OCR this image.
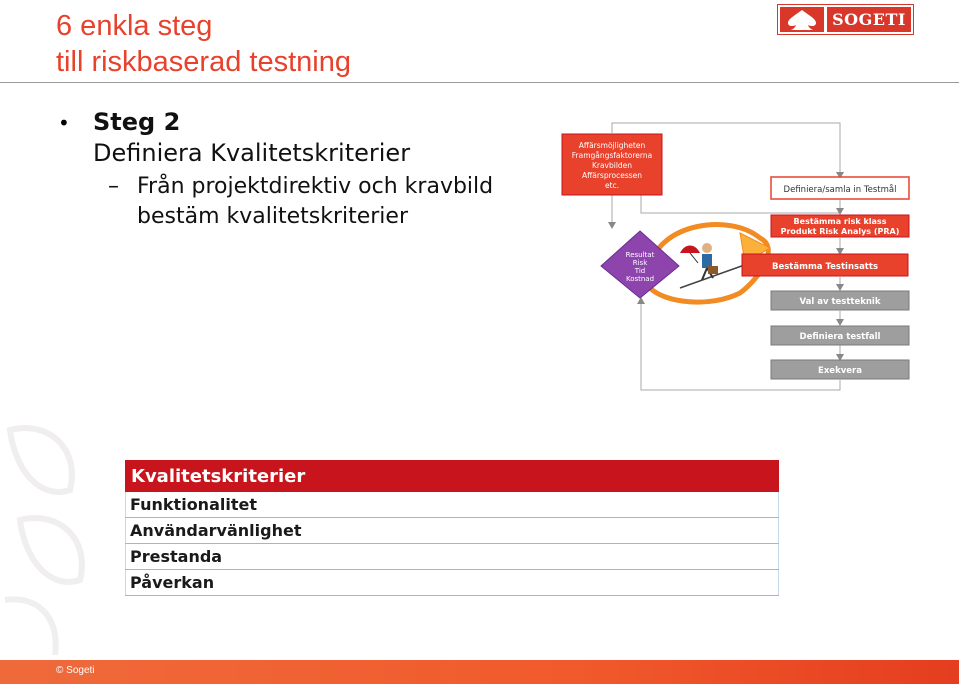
6 enkla steg
till riskbaserad testning
SOGETI
• Steg 2
Definiera Kvalitetskriterier
– Från projektdirektiv och kravbild
bestäm kvalitetskriterier
Affärsmöjligheten
Framgångsfaktorerna
Kravbilden
Affärsprocessen
etc.
Resultat
Risk
Tid
Kostnad
Definiera/samla in Testmål
Bestämma risk klass
Produkt Risk Analys (PRA)
Bestämma Testinsatts
Val av testteknik
Definiera testfall
Exekvera
Kvalitetskriterier
Funktionalitet
Användarvänlighet
Prestanda
Påverkan
© Sogeti
